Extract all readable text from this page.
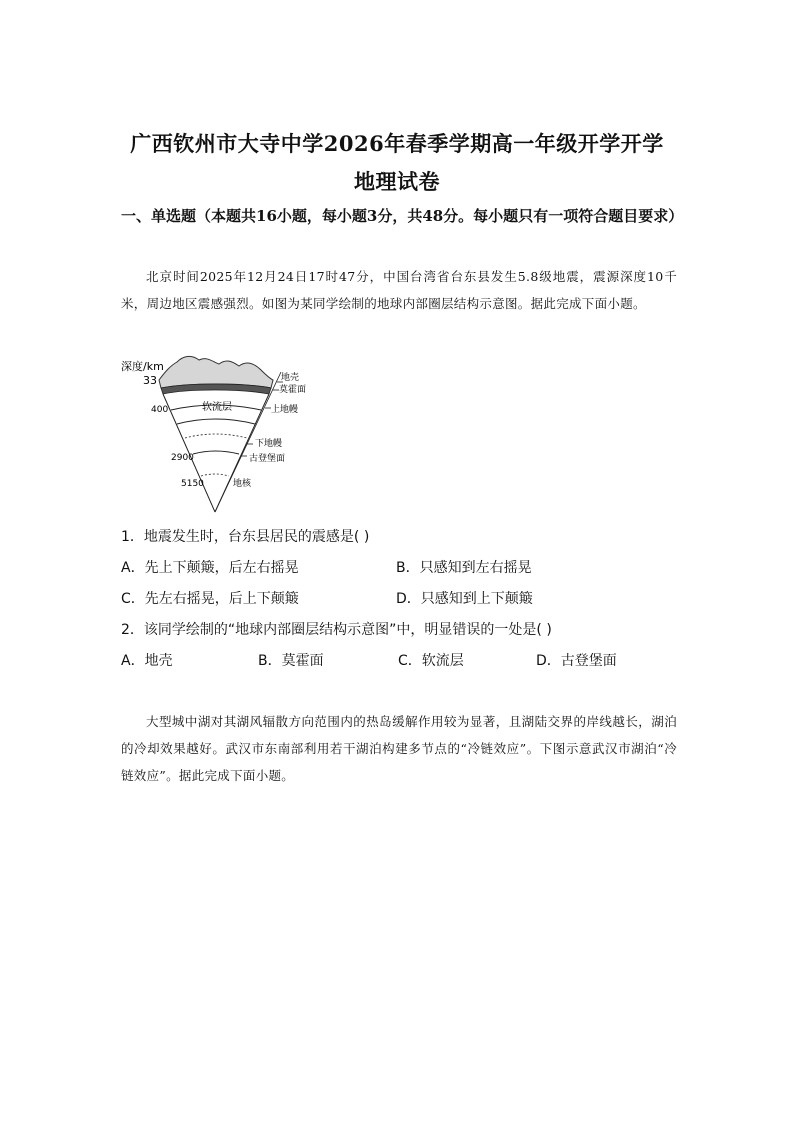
广西钦州市大寺中学2026年春季学期高一年级开学开学
地理试卷
一、单选题（本题共16小题，每小题3分，共48分。每小题只有一项符合题目要求）
北京时间2025年12月24日17时47分，中国台湾省台东县发生5.8级地震，震源深度10千米，周边地区震感强烈。如图为某同学绘制的地球内部圈层结构示意图。据此完成下面小题。
深度/km
33
400
2900
5150
软流层
地壳
莫霍面
上地幔
下地幔
古登堡面
地核
1．地震发生时，台东县居民的震感是( )
A．先上下颠簸，后左右摇晃	B．只感知到左右摇晃
C．先左右摇晃，后上下颠簸	D．只感知到上下颠簸
2．该同学绘制的“地球内部圈层结构示意图”中，明显错误的一处是( )
A．地壳	B．莫霍面	C．软流层	D．古登堡面
大型城中湖对其湖风辐散方向范围内的热岛缓解作用较为显著，且湖陆交界的岸线越长，湖泊的冷却效果越好。武汉市东南部利用若干湖泊构建多节点的“冷链效应”。下图示意武汉市湖泊“冷链效应”。据此完成下面小题。
